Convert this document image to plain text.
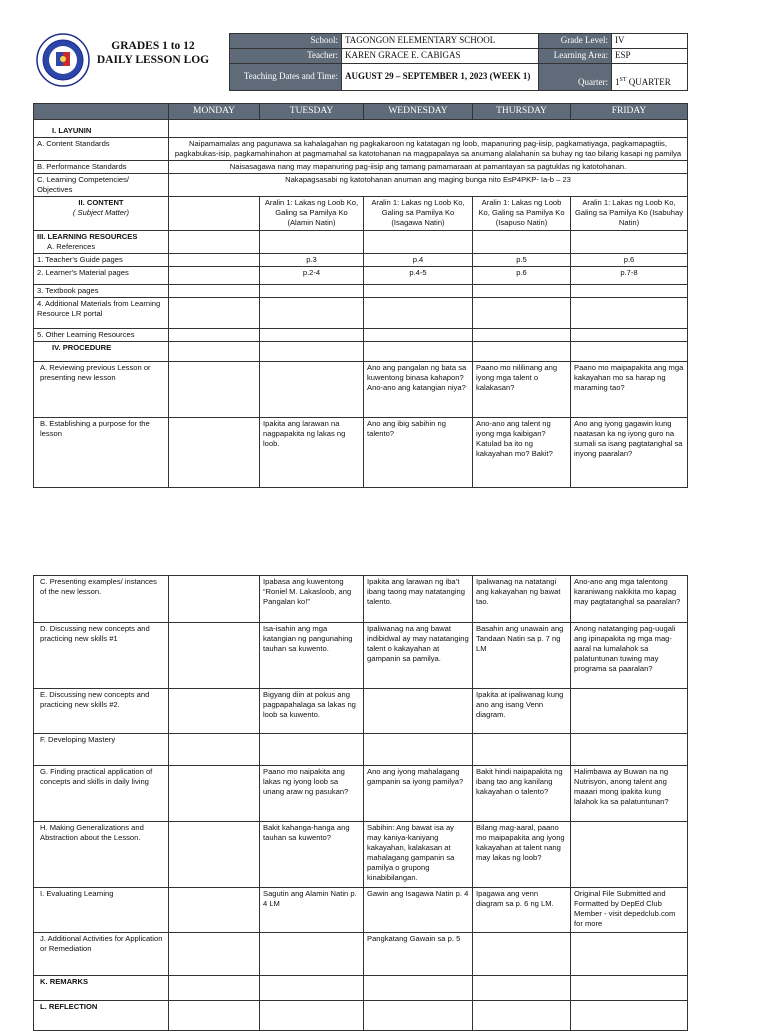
GRADES 1 to 12
DAILY LESSON LOG
School:	TAGONGON ELEMENTARY SCHOOL	Grade Level:	IV
Teacher:	KAREN GRACE E. CABIGAS	Learning Area:	ESP
Teaching Dates and Time:	AUGUST 29 – SEPTEMBER 1, 2023 (WEEK 1)	Quarter:	1ST QUARTER
	MONDAY	TUESDAY	WEDNESDAY	THURSDAY	FRIDAY
I. LAYUNIN					
A. Content Standards	Naipamamalas ang pagunawa sa kahalagahan ng pagkakaroon ng katatagan ng loob, mapanuring pag-iisip, pagkamatiyaga, pagkamapagtiis, pagkabukas-isip, pagkamahinahon at pagmamahal sa katotohanan na magpapalaya sa anumang alalahanin sa buhay ng tao bilang kasapi ng pamilya				
B. Performance Standards	Naisasagawa nang may mapanuring pag-iisip ang tamang pamamaraan at pamantayan sa pagtuklas ng katotohanan.				
C. Learning Competencies/ Objectives	Nakapagsasabi ng katotohanan anuman ang maging bunga nito EsP4PKP- Ia-b – 23				

II. CONTENT
( Subject Matter)		Aralin 1: Lakas ng Loob Ko, Galing sa Pamilya Ko (Alamin Natin)	Aralin 1: Lakas ng Loob Ko, Galing sa Pamilya Ko (Isagawa Natin)	Aralin 1: Lakas ng Loob Ko, Galing sa Pamilya Ko (Isapuso Natin)	Aralin 1: Lakas ng Loob Ko, Galing sa Pamilya Ko (Isabuhay Natin)

III. LEARNING RESOURCES
A. References					

1. Teacher's Guide pages		p.3	p.4	p.5	p.6
2. Learner's Material pages		p.2-4	p.4-5	p.6	p.7-8
3. Textbook pages					
4. Additional Materials from Learning Resource LR portal					
5. Other Learning Resources					
IV. PROCEDURE					
A. Reviewing previous Lesson or presenting new lesson			Ano ang pangalan ng bata sa kuwentong binasa kahapon? Ano-ano ang katangian niya?	Paano mo nililinang ang iyong mga talent o kalakasan?	Paano mo maipapakita ang mga kakayahan mo sa harap ng maraming tao?
B. Establishing a purpose for the lesson		Ipakita ang larawan na nagpapakita ng lakas ng loob.	Ano ang ibig sabihin ng talento?	Ano-ano ang talent ng iyong mga kaibigan? Katulad ba ito ng kakayahan mo? Bakit?	Ano ang iyong gagawin kung naatasan ka ng iyong guro na sumali sa isang pagtatanghal sa inyong paaralan?
C. Presenting examples/ instances of the new lesson.		Ipabasa ang kuwentong “Roniel M. Lakasloob, ang Pangalan ko!”	Ipakita ang larawan ng iba’t ibang taong may natatanging talento.	Ipaliwanag na natatangi ang kakayahan ng bawat tao.	Ano-ano ang mga talentong karaniwang nakikita mo kapag may pagtatanghal sa paaralan?
D. Discussing new concepts and practicing new skills #1		Isa-isahin ang mga katangian ng pangunahing tauhan sa kuwento.	Ipaliwanag na ang bawat indibidwal ay may natatanging talent o kakayahan at gampanin sa pamilya.	Basahin ang unawain ang Tandaan Natin sa p. 7 ng LM	Anong natatanging pag-uugali ang ipinapakita ng mga mag-aaral na lumalahok sa palatuntunan tuwing may programa sa paaralan?
E. Discussing new concepts and practicing new skills #2.		Bigyang diin at pokus ang pagpapahalaga sa lakas ng loob sa kuwento.		Ipakita at ipaliwanag kung ano ang isang Venn diagram.	
F. Developing Mastery					
G. Finding practical application of concepts and skills in daily living		Paano mo naipakita ang lakas ng iyong loob sa unang araw ng pasukan?	Ano ang iyong mahalagang gampanin sa iyong pamilya?	Bakit hindi naipapakita ng ibang tao ang kanilang kakayahan o talento?	Halimbawa ay Buwan na ng Nutrisyon, anong talent ang maaari mong ipakita kung lalahok ka sa palatuntunan?
H. Making Generalizations and Abstraction about the Lesson.		Bakit kahanga-hanga ang tauhan sa kuwento?	Sabihin: Ang bawat isa ay may kaniya-kaniyang kakayahan, kalakasan at mahalagang gampanin sa pamilya o grupong kinabibilangan.	Bilang mag-aaral, paano mo maipapakita ang iyong kakayahan at talent nang may lakas ng loob?	
I. Evaluating Learning		Sagutin ang Alamin Natin p. 4 LM	Gawin ang Isagawa Natin p. 4	Ipagawa ang venn diagram sa p. 6 ng LM.	Original File Submitted and Formatted by DepEd Club Member - visit depedclub.com for more
J. Additional Activities for Application or Remediation			Pangkatang Gawain sa p. 5		
K. REMARKS					
L. REFLECTION					
